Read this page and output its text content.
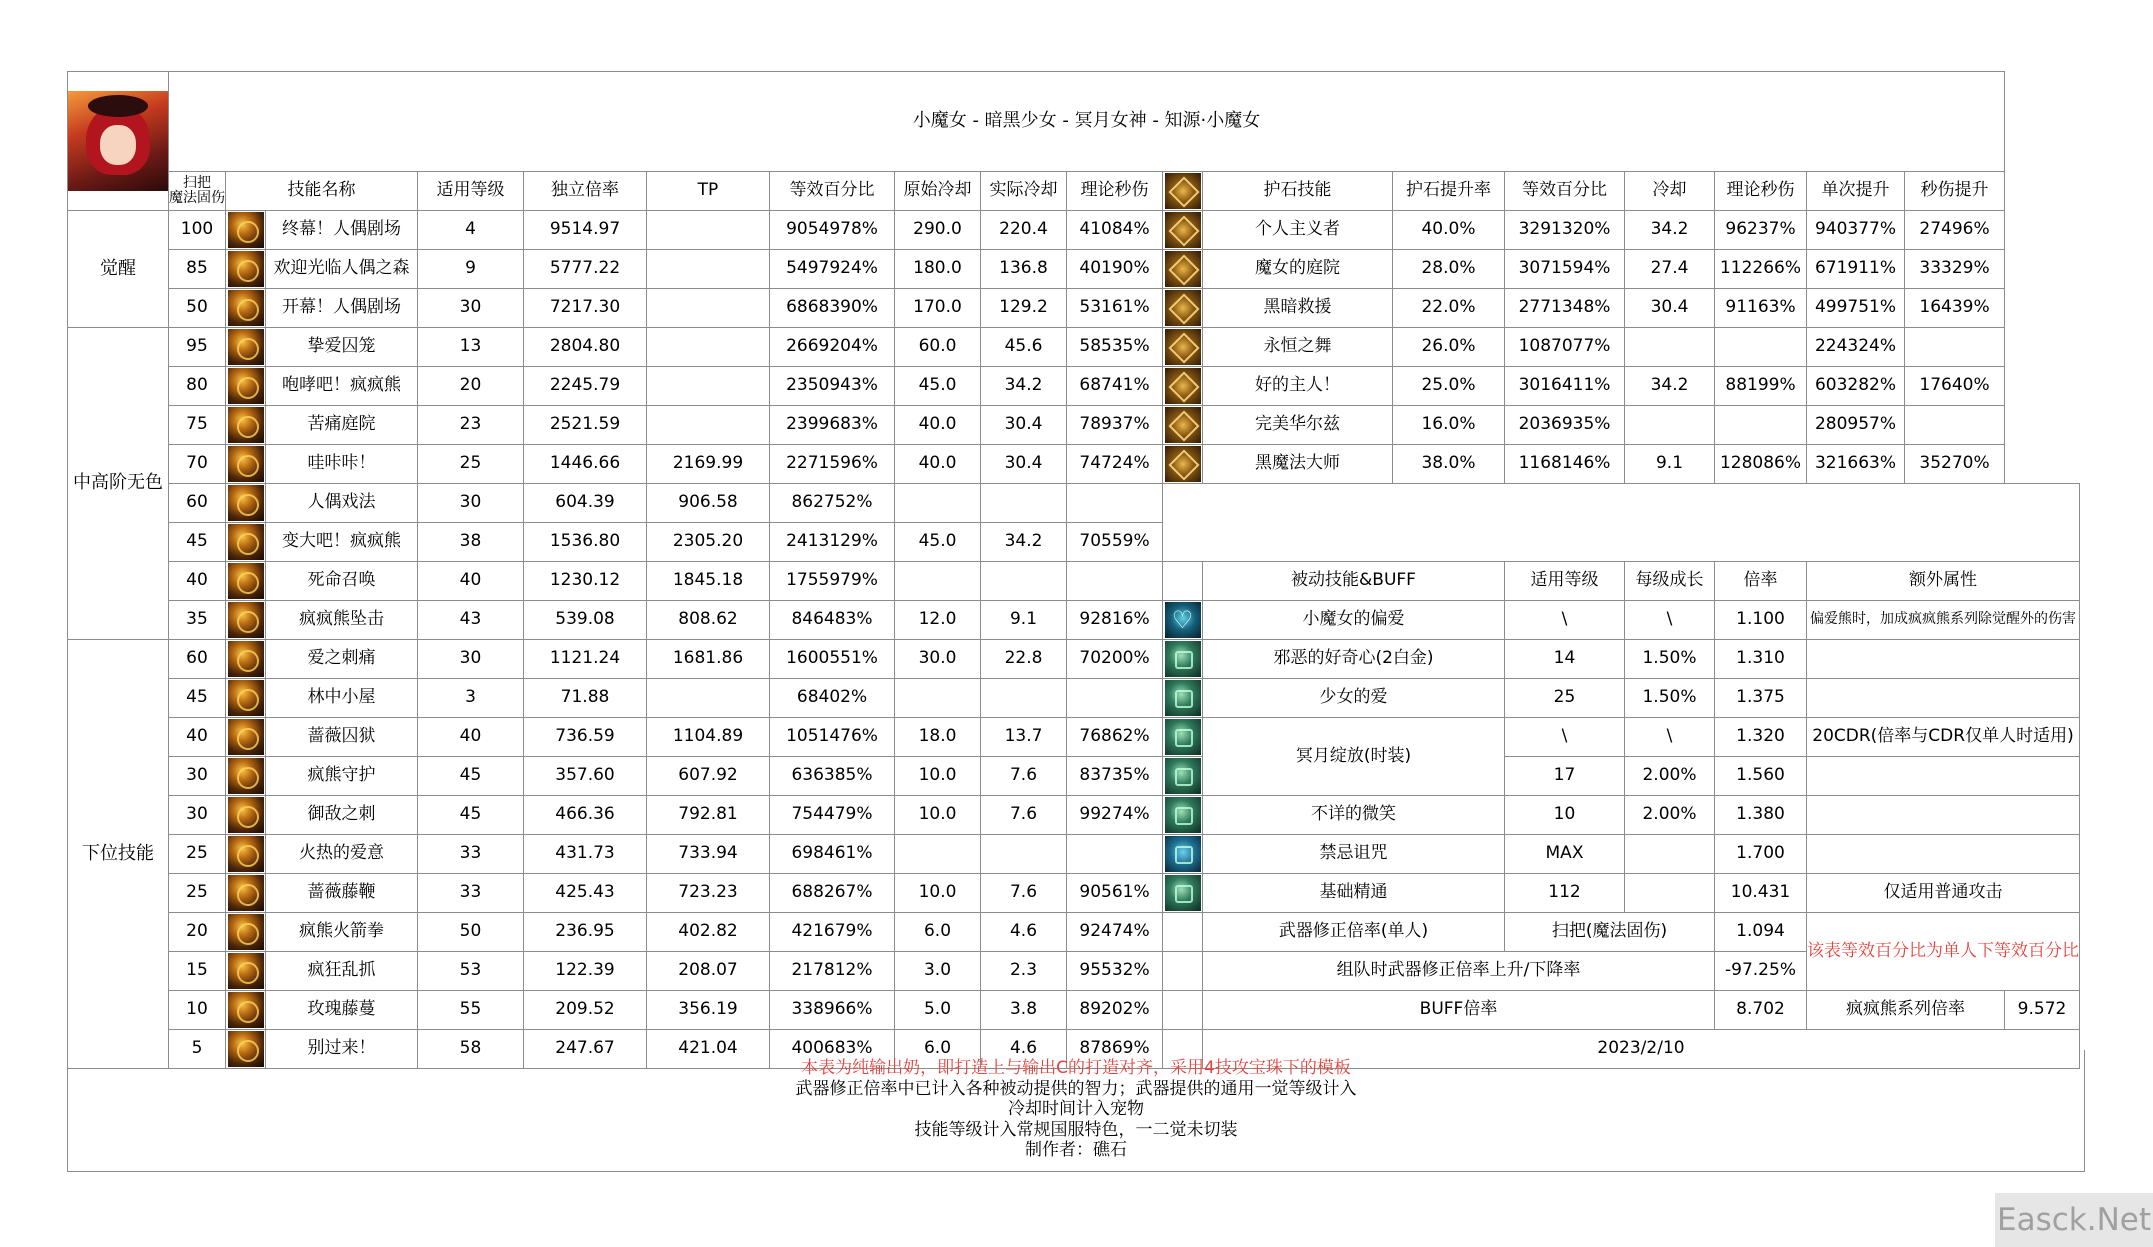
	小魔女 - 暗黑少女 - 冥月女神 - 知源·小魔女																		
	扫把
魔法固伤	技能名称		适用等级	独立倍率	TP	等效百分比	原始冷却	实际冷却	理论秒伤		护石技能	护石提升率	等效百分比	冷却	理论秒伤	单次提升	秒伤提升	
觉醒	100		终幕！人偶剧场	4	9514.97		9054978%	290.0	220.4	41084%		个人主义者	40.0%	3291320%	34.2	96237%	940377%	27496%	
	85		欢迎光临人偶之森	9	5777.22		5497924%	180.0	136.8	40190%		魔女的庭院	28.0%	3071594%	27.4	112266%	671911%	33329%	
	50		开幕！人偶剧场	30	7217.30		6868390%	170.0	129.2	53161%		黑暗救援	22.0%	2771348%	30.4	91163%	499751%	16439%	
中高阶无色	95		挚爱囚笼	13	2804.80		2669204%	60.0	45.6	58535%		永恒之舞	26.0%	1087077%			224324%		
	80		咆哮吧！疯疯熊	20	2245.79		2350943%	45.0	34.2	68741%		好的主人！	25.0%	3016411%	34.2	88199%	603282%	17640%	
	75		苦痛庭院	23	2521.59		2399683%	40.0	30.4	78937%		完美华尔兹	16.0%	2036935%			280957%		
	70		哇咔咔！	25	1446.66	2169.99	2271596%	40.0	30.4	74724%		黑魔法大师	38.0%	1168146%	9.1	128086%	321663%	35270%	
	60		人偶戏法	30	604.39	906.58	862752%												
	45		变大吧！疯疯熊	38	1536.80	2305.20	2413129%	45.0	34.2	70559%									
	40		死命召唤	40	1230.12	1845.18	1755979%					被动技能&BUFF		适用等级	每级成长	倍率	额外属性		
	35		疯疯熊坠击	43	539.08	808.62	846483%	12.0	9.1	92816%	♡	小魔女的偏爱		\	\	1.100	偏爱熊时，加成疯疯熊系列除觉醒外的伤害		
下位技能	60		爱之刺痛	30	1121.24	1681.86	1600551%	30.0	22.8	70200%		邪恶的好奇心(2白金)		14	1.50%	1.310			
	45		林中小屋	3	71.88		68402%					少女的爱		25	1.50%	1.375			
	40		蔷薇囚狱	40	736.59	1104.89	1051476%	18.0	13.7	76862%		冥月绽放(时装)		\	\	1.320	20CDR(倍率与CDR仅单人时适用)		
	30		疯熊守护	45	357.60	607.92	636385%	10.0	7.6	83735%				17	2.00%	1.560			
	30		御敌之刺	45	466.36	792.81	754479%	10.0	7.6	99274%		不详的微笑		10	2.00%	1.380			
	25		火热的爱意	33	431.73	733.94	698461%					禁忌诅咒		MAX		1.700			
	25		蔷薇藤鞭	33	425.43	723.23	688267%	10.0	7.6	90561%		基础精通		112		10.431	仅适用普通攻击		
	20		疯熊火箭拳	50	236.95	402.82	421679%	6.0	4.6	92474%		武器修正倍率(单人)		扫把(魔法固伤)		1.094	该表等效百分比为单人下等效百分比		
	15		疯狂乱抓	53	122.39	208.07	217812%	3.0	2.3	95532%		组队时武器修正倍率上升/下降率				-97.25%			
	10		玫瑰藤蔓	55	209.52	356.19	338966%	5.0	3.8	89202%		BUFF倍率				8.702	疯疯熊系列倍率		9.572
	5		别过来！	58	247.67	421.04	400683%	6.0	4.6	87869%		2023/2/10							
本表为纯输出奶，即打造上与输出C的打造对齐，采用4技攻宝珠下的模板
武器修正倍率中已计入各种被动提供的智力；武器提供的通用一觉等级计入
冷却时间计入宠物
技能等级计入常规国服特色，一二觉未切装
制作者：礁石
Easck.Net
